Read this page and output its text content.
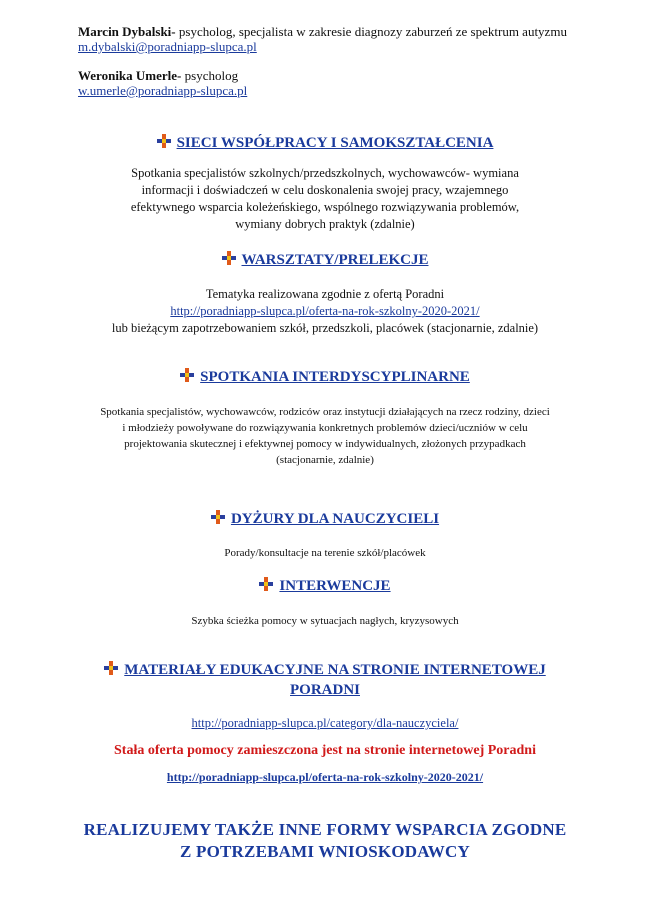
Marcin Dybalski- psycholog, specjalista w zakresie diagnozy zaburzeń ze spektrum autyzmu
m.dybalski@poradniapp-slupca.pl
Weronika Umerle- psycholog
w.umerle@poradniapp-slupca.pl
SIECI WSPÓŁPRACY I SAMOKSZTAŁCENIA
Spotkania specjalistów szkolnych/przedszkolnych, wychowawców- wymiana
informacji i doświadczeń w celu doskonalenia swojej pracy, wzajemnego
efektywnego wsparcia koleżeńskiego, wspólnego rozwiązywania problemów,
wymiany dobrych praktyk (zdalnie)
WARSZTATY/PRELEKCJE
Tematyka realizowana zgodnie z ofertą Poradni
http://poradniapp-slupca.pl/oferta-na-rok-szkolny-2020-2021/
lub bieżącym zapotrzebowaniem szkół, przedszkoli, placówek (stacjonarnie, zdalnie)
SPOTKANIA INTERDYSCYPLINARNE
Spotkania specjalistów, wychowawców, rodziców oraz instytucji działających na rzecz rodziny, dzieci
i młodzieży powoływane do rozwiązywania konkretnych problemów dzieci/uczniów w celu
projektowania skutecznej i efektywnej pomocy w indywidualnych, złożonych przypadkach
(stacjonarnie, zdalnie)
DYŻURY DLA NAUCZYCIELI
Porady/konsultacje na terenie szkół/placówek
INTERWENCJE
Szybka ścieżka pomocy w sytuacjach nagłych, kryzysowych
MATERIAŁY EDUKACYJNE NA STRONIE INTERNETOWEJ
PORADNI
http://poradniapp-slupca.pl/category/dla-nauczyciela/
Stała oferta pomocy zamieszczona jest na stronie internetowej Poradni
http://poradniapp-slupca.pl/oferta-na-rok-szkolny-2020-2021/
REALIZUJEMY TAKŻE INNE FORMY WSPARCIA ZGODNE
Z POTRZEBAMI WNIOSKODAWCY
